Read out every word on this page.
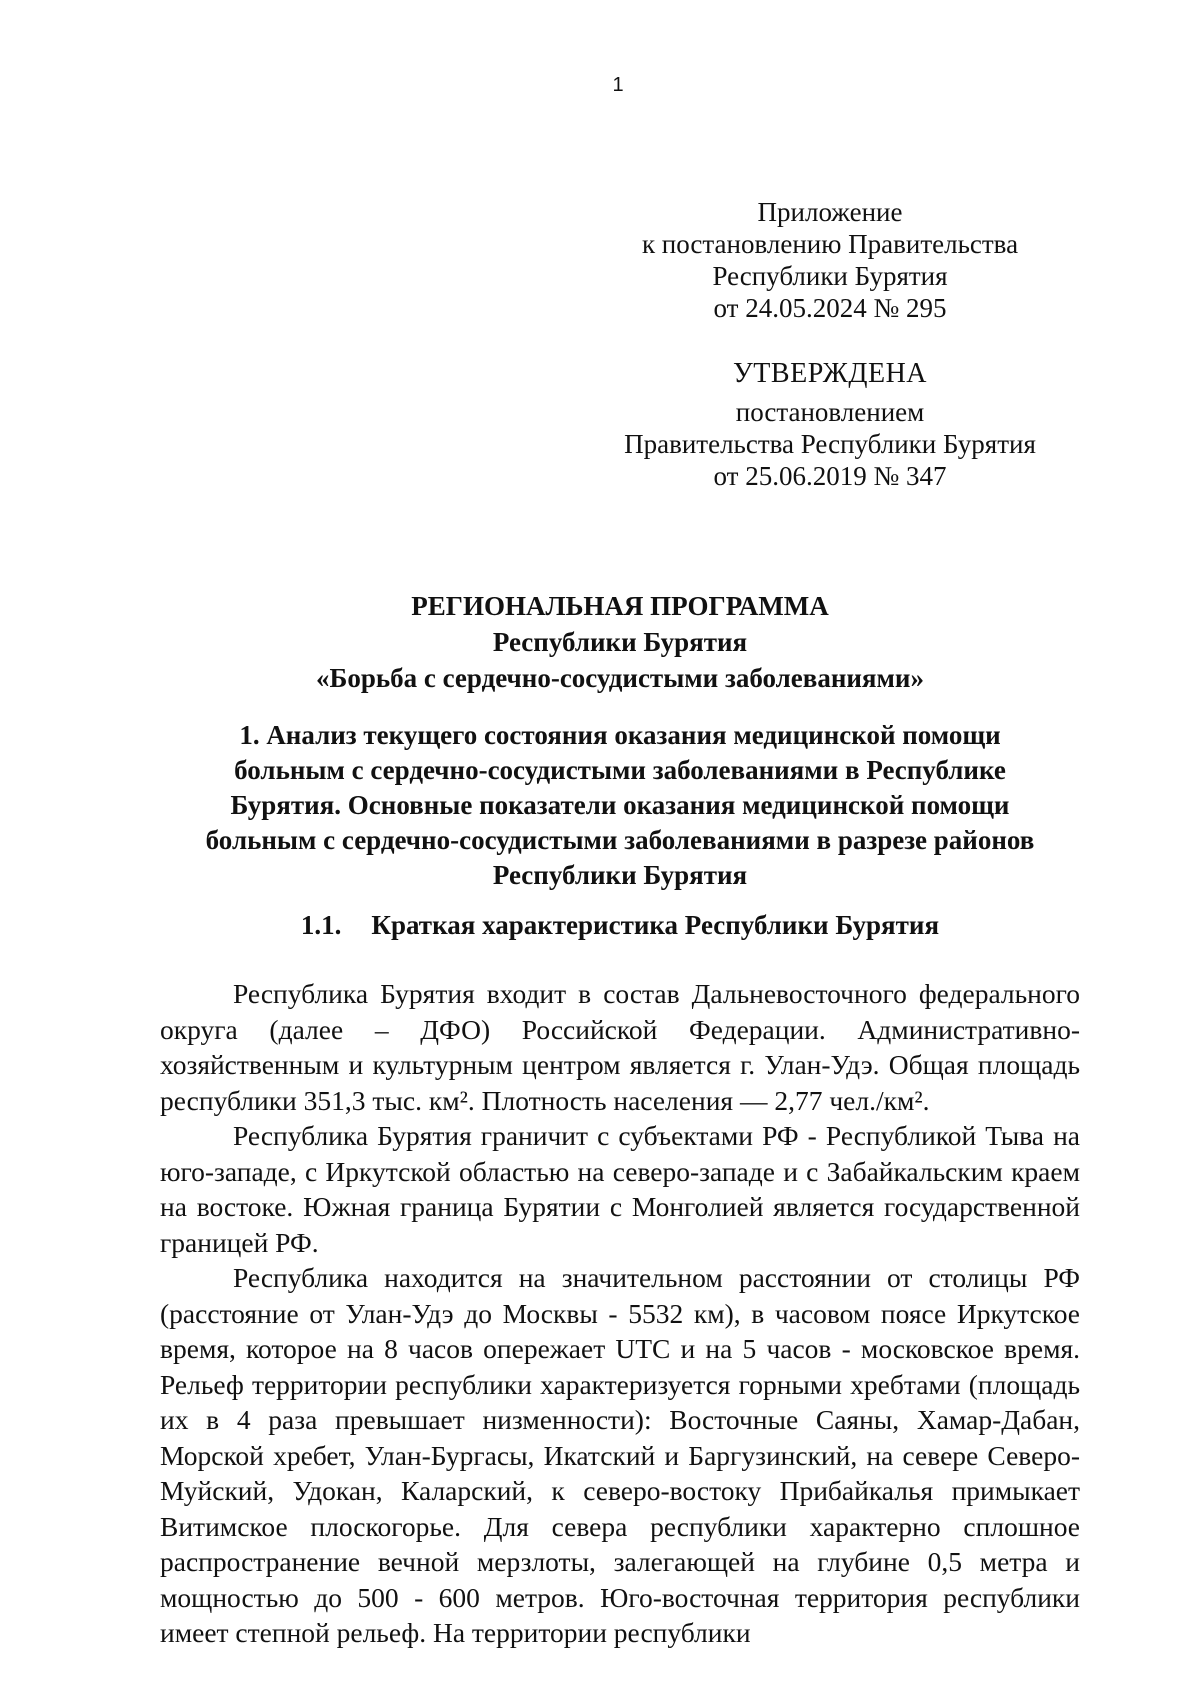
1
Приложение
к постановлению Правительства
Республики Бурятия
от 24.05.2024 № 295
УТВЕРЖДЕНА
постановлением
Правительства Республики Бурятия
от 25.06.2019 № 347
РЕГИОНАЛЬНАЯ ПРОГРАММА
Республики Бурятия
«Борьба с сердечно-сосудистыми заболеваниями»
1. Анализ текущего состояния оказания медицинской помощи
больным с сердечно-сосудистыми заболеваниями в Республике
Бурятия. Основные показатели оказания медицинской помощи
больным с сердечно-сосудистыми заболеваниями в разрезе районов
Республики Бурятия
1.1. Краткая характеристика Республики Бурятия

Республика Бурятия входит в состав Дальневосточного федерального округа (далее – ДФО) Российской Федерации. Административно-хозяйственным и культурным центром является г. Улан-Удэ. Общая площадь республики 351,3 тыс. км². Плотность населения — 2,77 чел./км².

Республика Бурятия граничит с субъектами РФ - Республикой Тыва на юго-западе, с Иркутской областью на северо-западе и с Забайкальским краем на востоке. Южная граница Бурятии с Монголией является государственной границей РФ.

Республика находится на значительном расстоянии от столицы РФ (расстояние от Улан-Удэ до Москвы - 5532 км), в часовом поясе Иркутское время, которое на 8 часов опережает UTC и на 5 часов - московское время. Рельеф территории республики характеризуется горными хребтами (площадь их в 4 раза превышает низменности): Восточные Саяны, Хамар-Дабан, Морской хребет, Улан-Бургасы, Икатский и Баргузинский, на севере Северо-Муйский, Удокан, Каларский, к северо-востоку Прибайкалья примыкает Витимское плоскогорье. Для севера республики характерно сплошное распространение вечной мерзлоты, залегающей на глубине 0,5 метра и мощностью до 500 - 600 метров. Юго-восточная территория республики имеет степной рельеф. На территории республики
